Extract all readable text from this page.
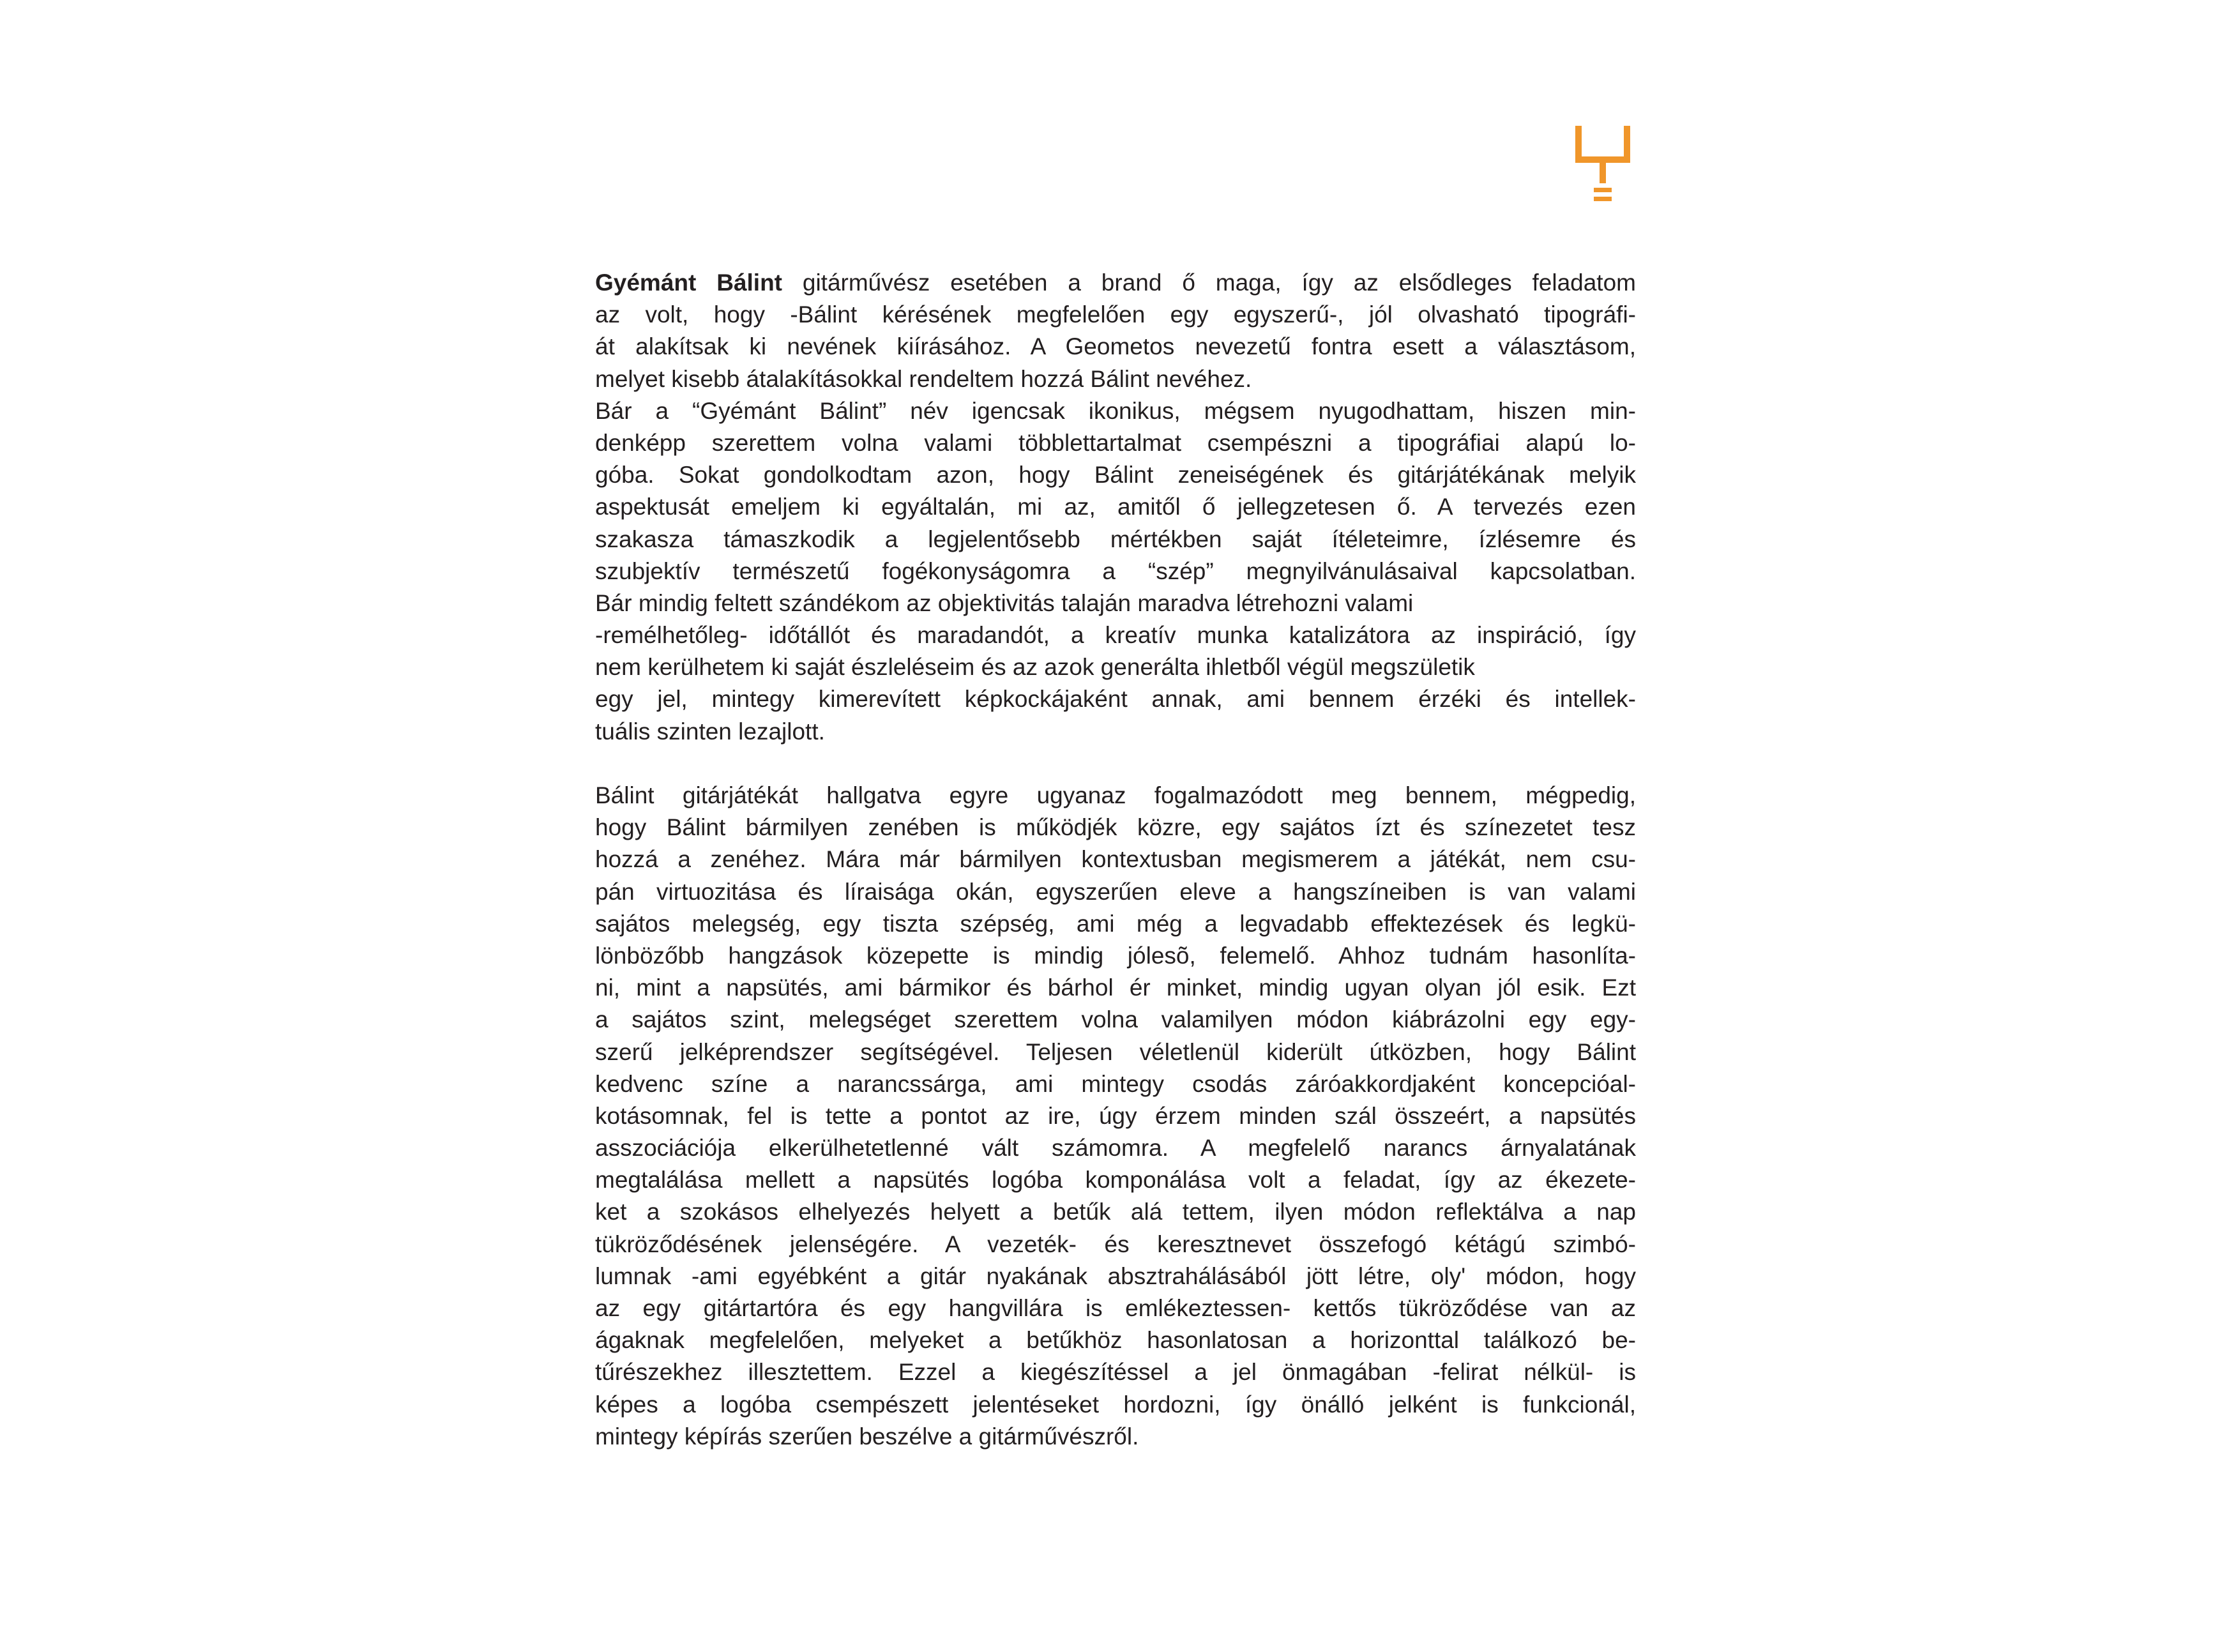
Gyémánt Bálint gitárművész esetében a brand ő maga, így az elsődleges feladatom
az volt, hogy -Bálint kérésének megfelelően egy egyszerű-, jól olvasható tipográfi-
át alakítsak ki nevének kiírásához. A Geometos nevezetű fontra esett a választásom,
melyet kisebb átalakításokkal rendeltem hozzá Bálint nevéhez.
Bár a “Gyémánt Bálint” név igencsak ikonikus, mégsem nyugodhattam, hiszen min-
denképp szerettem volna valami többlettartalmat csempészni a tipográfiai alapú lo-
góba. Sokat gondolkodtam azon, hogy Bálint zeneiségének és gitárjátékának melyik
aspektusát emeljem ki egyáltalán, mi az, amitől ő jellegzetesen ő. A tervezés ezen
szakasza támaszkodik a legjelentősebb mértékben saját ítéleteimre, ízlésemre és
szubjektív természetű fogékonyságomra a “szép” megnyilvánulásaival kapcsolatban.
Bár mindig feltett szándékom az objektivitás talaján maradva létrehozni valami
-remélhetőleg- időtállót és maradandót, a kreatív munka katalizátora az inspiráció, így
nem kerülhetem ki saját észleléseim és az azok generálta ihletből végül megszületik
egy jel, mintegy kimerevített képkockájaként annak, ami bennem érzéki és intellek-
tuális szinten lezajlott.
Bálint gitárjátékát hallgatva egyre ugyanaz fogalmazódott meg bennem, mégpedig,
hogy Bálint bármilyen zenében is működjék közre, egy sajátos ízt és színezetet tesz
hozzá a zenéhez. Mára már bármilyen kontextusban megismerem a játékát, nem csu-
pán virtuozitása és líraisága okán, egyszerűen eleve a hangszíneiben is van valami
sajátos melegség, egy tiszta szépség, ami még a legvadabb effektezések és legkü-
lönbözőbb hangzások közepette is mindig jólesõ, felemelő. Ahhoz tudnám hasonlíta-
ni, mint a napsütés, ami bármikor és bárhol ér minket, mindig ugyan olyan jól esik. Ezt
a sajátos szint, melegséget szerettem volna valamilyen módon kiábrázolni egy egy-
szerű jelképrendszer segítségével. Teljesen véletlenül kiderült útközben, hogy Bálint
kedvenc színe a narancssárga, ami mintegy csodás záróakkordjaként koncepcióal-
kotásomnak, fel is tette a pontot az ire, úgy érzem minden szál összeért, a napsütés
asszociációja elkerülhetetlenné vált számomra. A megfelelő narancs árnyalatának
megtalálása mellett a napsütés logóba komponálása volt a feladat, így az ékezete-
ket a szokásos elhelyezés helyett a betűk alá tettem, ilyen módon reflektálva a nap
tükröződésének jelenségére. A vezeték- és keresztnevet összefogó kétágú szimbó-
lumnak -ami egyébként a gitár nyakának absztrahálásából jött létre, oly' módon, hogy
az egy gitártartóra és egy hangvillára is emlékeztessen- kettős tükröződése van az
ágaknak megfelelően, melyeket a betűkhöz hasonlatosan a horizonttal találkozó be-
tűrészekhez illesztettem. Ezzel a kiegészítéssel a jel önmagában -felirat nélkül- is
képes a logóba csempészett jelentéseket hordozni, így önálló jelként is funkcionál,
mintegy képírás szerűen beszélve a gitárművészről.
